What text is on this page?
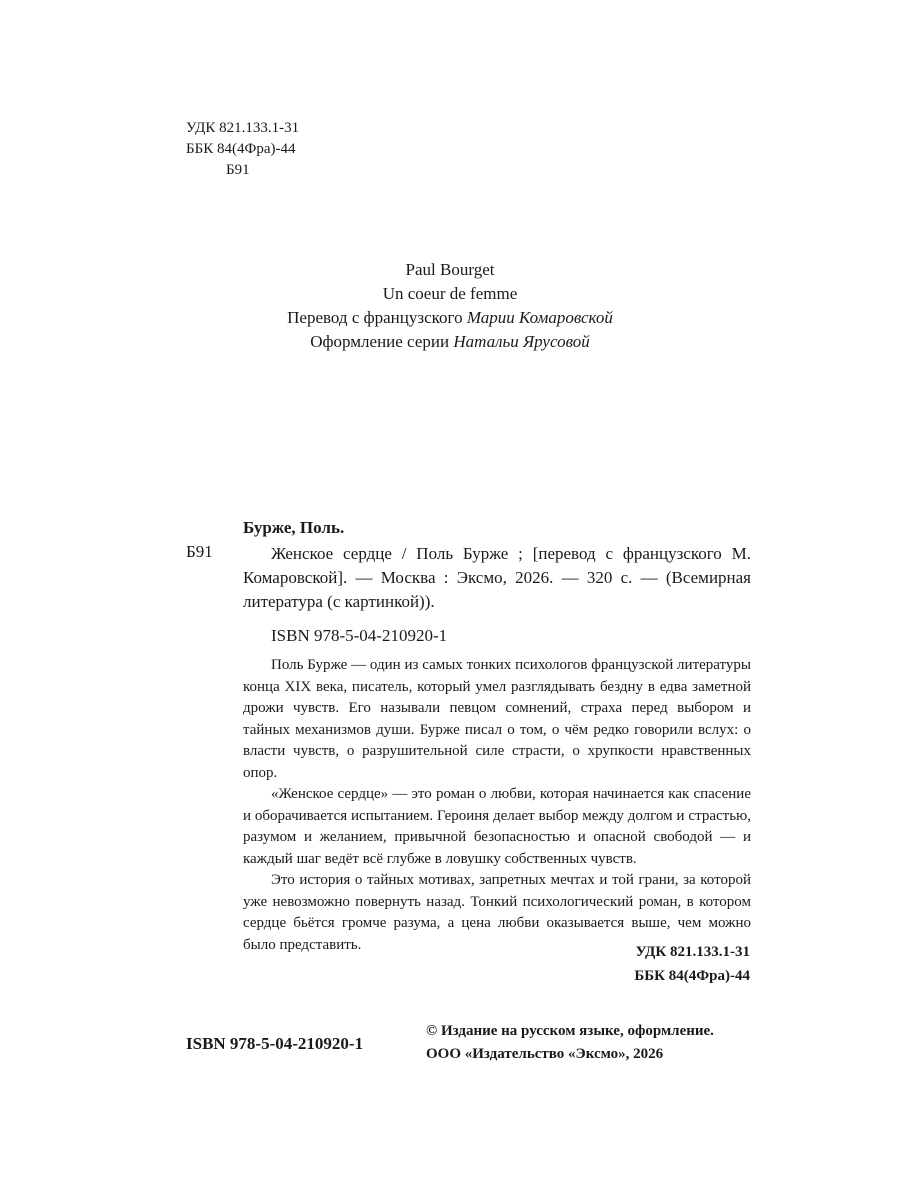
УДК 821.133.1-31
ББК 84(4Фра)-44
Б91
Paul Bourget
Un coeur de femme
Перевод с французского Марии Комаровской
Оформление серии Натальи Ярусовой
Бурже, Поль.
Б91	Женское сердце / Поль Бурже ; [перевод с французского М. Комаровской]. — Москва : Эксмо, 2026. — 320 с. — (Всемирная литература (с картинкой)).
ISBN 978-5-04-210920-1

Поль Бурже — один из самых тонких психологов французской литературы конца XIX века, писатель, который умел разглядывать бездну в едва заметной дрожи чувств. Его называли певцом сомнений, страха перед выбором и тайных механизмов души. Бурже писал о том, о чём редко говорили вслух: о власти чувств, о разрушительной силе страсти, о хрупкости нравственных опор.

«Женское сердце» — это роман о любви, которая начинается как спасение и оборачивается испытанием. Героиня делает выбор между долгом и страстью, разумом и желанием, привычной безопасностью и опасной свободой — и каждый шаг ведёт всё глубже в ловушку собственных чувств.

Это история о тайных мотивах, запретных мечтах и той грани, за которой уже невозможно повернуть назад. Тонкий психологический роман, в котором сердце бьётся громче разума, а цена любви оказывается выше, чем можно было представить.	УДК 821.133.1-31
ББК 84(4Фра)-44
ISBN 978-5-04-210920-1
© Издание на русском языке, оформление.
ООО «Издательство «Эксмо», 2026
